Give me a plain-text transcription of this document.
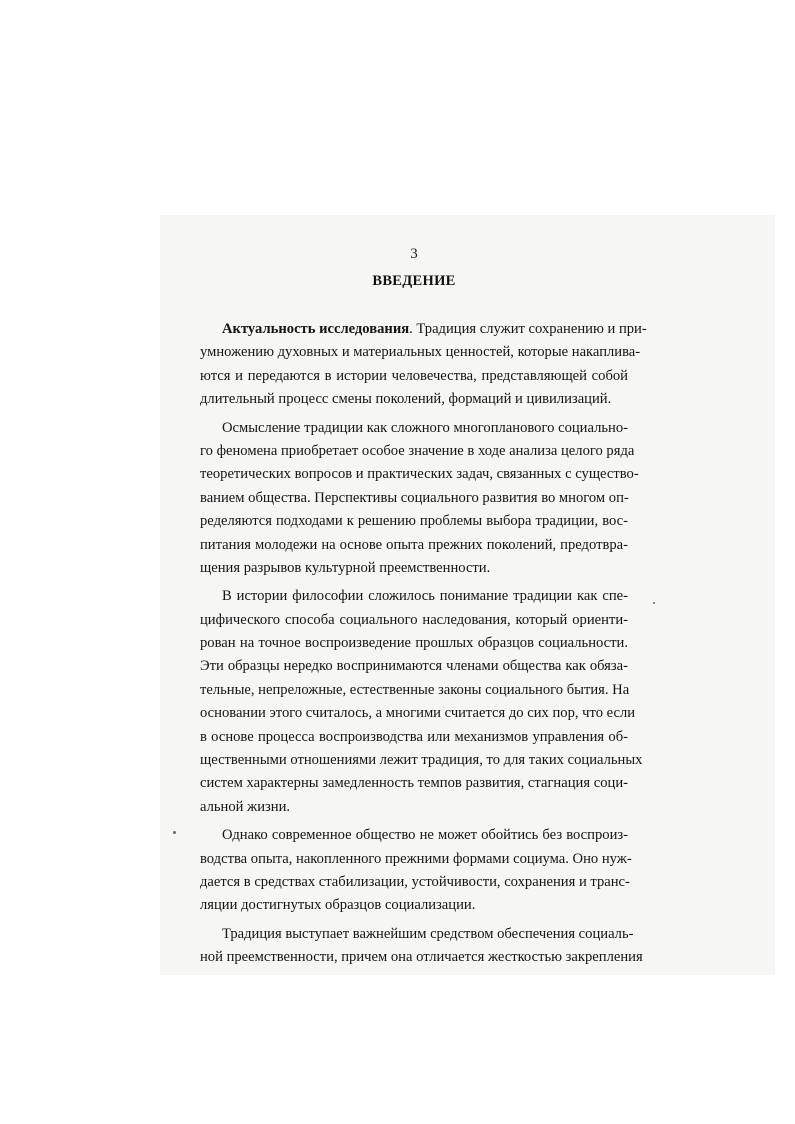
3
ВВЕДЕНИЕ
Актуальность исследования. Традиция служит сохранению и при-
умножению духовных и материальных ценностей, которые накаплива-
ются и передаются в истории человечества, представляющей собой
длительный процесс смены поколений, формаций и цивилизаций.
Осмысление традиции как сложного многопланового социально-
го феномена приобретает особое значение в ходе анализа целого ряда
теоретических вопросов и практических задач, связанных с существо-
ванием общества. Перспективы социального развития во многом оп-
ределяются подходами к решению проблемы выбора традиции, вос-
питания молодежи на основе опыта прежних поколений, предотвра-
щения разрывов культурной преемственности.
В истории философии сложилось понимание традиции как спе-
цифического способа социального наследования, который ориенти-
рован на точное воспроизведение прошлых образцов социальности.
Эти образцы нередко воспринимаются членами общества как обяза-
тельные, непреложные, естественные законы социального бытия. На
основании этого считалось, а многими считается до сих пор, что если
в основе процесса воспроизводства или механизмов управления об-
щественными отношениями лежит традиция, то для таких социальных
систем характерны замедленность темпов развития, стагнация соци-
альной жизни.
Однако современное общество не может обойтись без воспроиз-
водства опыта, накопленного прежними формами социума. Оно нуж-
дается в средствах стабилизации, устойчивости, сохранения и транс-
ляции достигнутых образцов социализации.
Традиция выступает важнейшим средством обеспечения социаль-
ной преемственности, причем она отличается жесткостью закрепления
